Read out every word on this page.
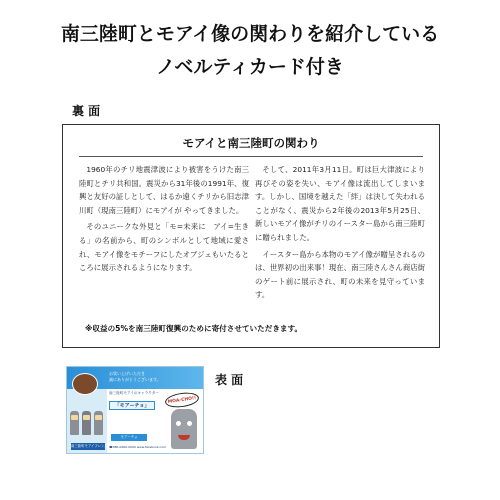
南三陸町とモアイ像の関わりを紹介している
ノベルティカード付き
裏 面
モアイと南三陸町の関わり

1960年のチリ地震津波により被害をうけた南三陸町とチリ共和国。震災から31年後の1991年、復興と友好の証しとして、はるか遠くチリから旧志津川町（現南三陸町）にモアイが やってきました。

そのユニークな外見と「モ=未来に　アイ=生きる」の名前から、町のシンボルとして地域に愛され、モアイ像をモチーフにしたオブジェもいたるところに展示されるようになります。

そして、2011年3月11日。町は巨大津波により再びその姿を失い、モアイ像は流出してしまいます。しかし、国境を越えた「絆」は決して失われることがなく、震災から2年後の2013年5月25日、新しいモアイ像がチリのイースター島から南三陸町に贈られました。

イースター島から本物のモアイ像が贈呈されるのは、世界初の出来事！現在、南三陸さんさん商店街のゲート前に展示され、町の未来を見守っています。

※収益の5%を南三陸町復興のために寄付させていただきます。
お買い上げいただき
誠にありがとうございます。
南三陸町モアイのキャラクター
「モアーチョ」
南三陸町モアイフレンズ
モアーチョ
☎080-0000-0000 www.facebook.com
MOA-CHO!!
表 面
